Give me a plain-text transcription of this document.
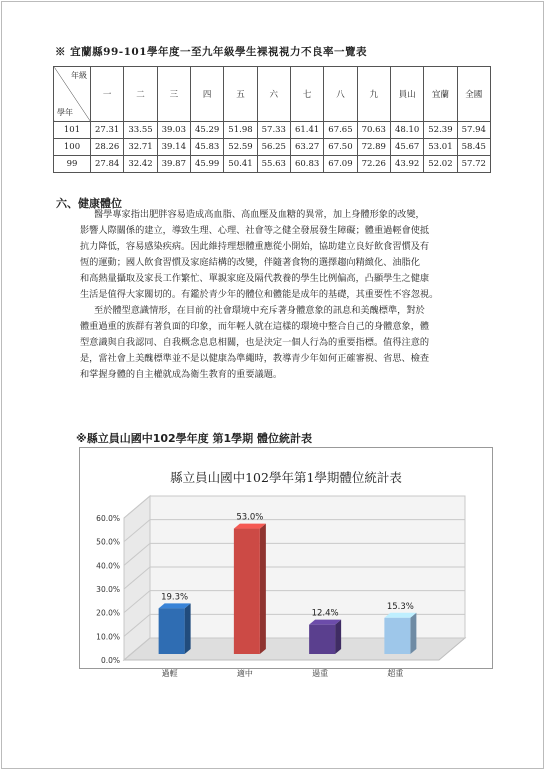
※ 宜蘭縣99-101學年度一至九年級學生裸視視力不良率一覽表
年級
學年	一	二	三	四	五	六	七	八	九	員山	宜蘭	全國
101	27.31	33.55	39.03	45.29	51.98	57.33	61.41	67.65	70.63	48.10	52.39	57.94
100	28.26	32.71	39.14	45.83	52.59	56.25	63.27	67.50	72.89	45.67	53.01	58.45
99	27.84	32.42	39.87	45.99	50.41	55.63	60.83	67.09	72.26	43.92	52.02	57.72
六、健康體位
醫學專家指出肥胖容易造成高血脂、高血壓及血糖的異常，加上身體形象的改變，
影響人際關係的建立，導致生理、心理、社會等之健全發展發生障礙；體重過輕會使抵
抗力降低，容易感染疾病。因此維持理想體重應從小開始，協助建立良好飲食習慣及有
恆的運動；國人飲食習慣及家庭結構的改變，伴隨著食物的選擇趨向精緻化、油脂化
和高熱量攝取及家長工作繁忙、單親家庭及隔代教養的學生比例偏高，凸顯學生之健康
生活是值得大家關切的。有鑑於青少年的體位和體能是成年的基礎，其重要性不容忽視。
至於體型意識情形，在目前的社會環境中充斥著身體意象的訊息和美醜標準，對於
體重過重的族群有著負面的印象，而年輕人就在這樣的環境中整合自己的身體意象，體
型意識與自我認同、自我概念息息相關，也是決定一個人行為的重要指標。值得注意的
是，當社會上美醜標準並不是以健康為準繩時，教導青少年如何正確審視、省思、檢查
和掌握身體的自主權就成為衛生教育的重要議題。
※縣立員山國中102學年度 第1學期 體位統計表
縣立員山國中102學年第1學期體位統計表
0.0%
10.0%
20.0%
30.0%
40.0%
50.0%
60.0%
19.3%
過輕
53.0%
適中
12.4%
過重
15.3%
超重
